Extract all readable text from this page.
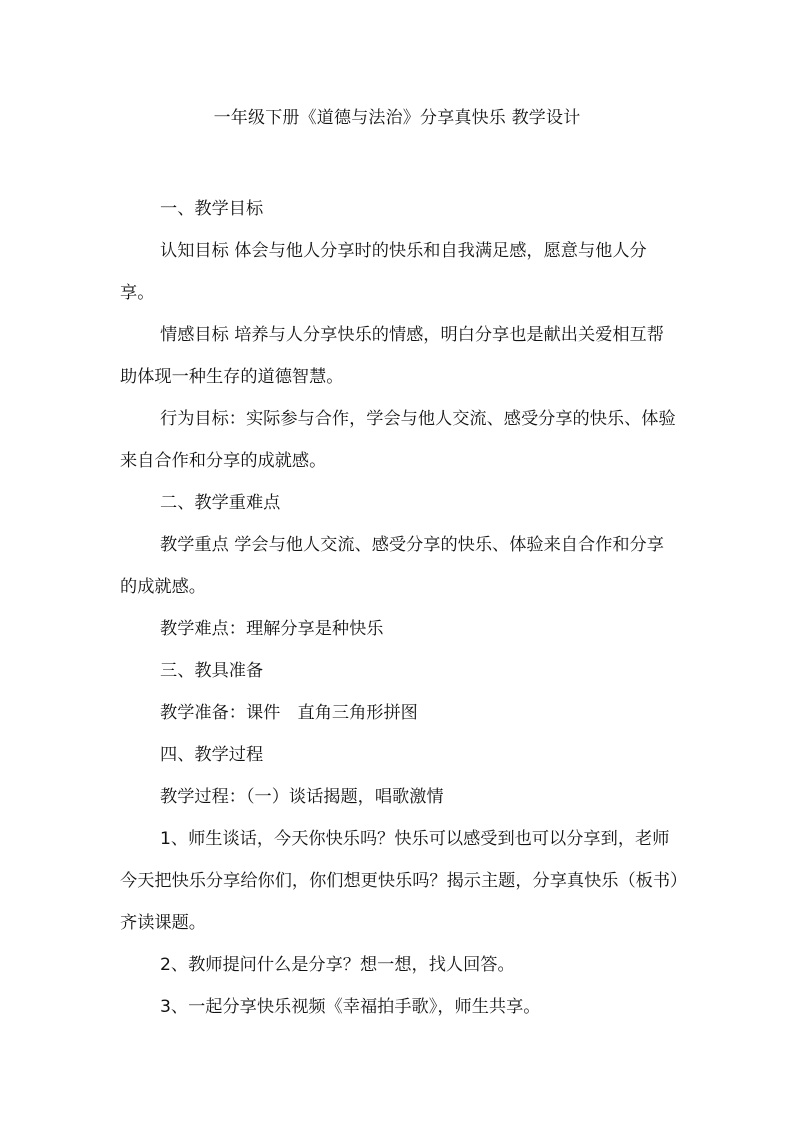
一年级下册《道德与法治》分享真快乐 教学设计

一、教学目标

认知目标 体会与他人分享时的快乐和自我满足感，愿意与他人分享。

情感目标 培养与人分享快乐的情感，明白分享也是献出关爱相互帮助体现一种生存的道德智慧。

行为目标：实际参与合作，学会与他人交流、感受分享的快乐、体验来自合作和分享的成就感。

二、教学重难点

教学重点 学会与他人交流、感受分享的快乐、体验来自合作和分享的成就感。

教学难点：理解分享是种快乐

三、教具准备

教学准备：课件　直角三角形拼图

四、教学过程

教学过程：（一）谈话揭题，唱歌激情

1、师生谈话，今天你快乐吗？快乐可以感受到也可以分享到，老师今天把快乐分享给你们，你们想更快乐吗？揭示主题，分享真快乐（板书）齐读课题。

2、教师提问什么是分享？想一想，找人回答。

3、一起分享快乐视频《幸福拍手歌》，师生共享。
